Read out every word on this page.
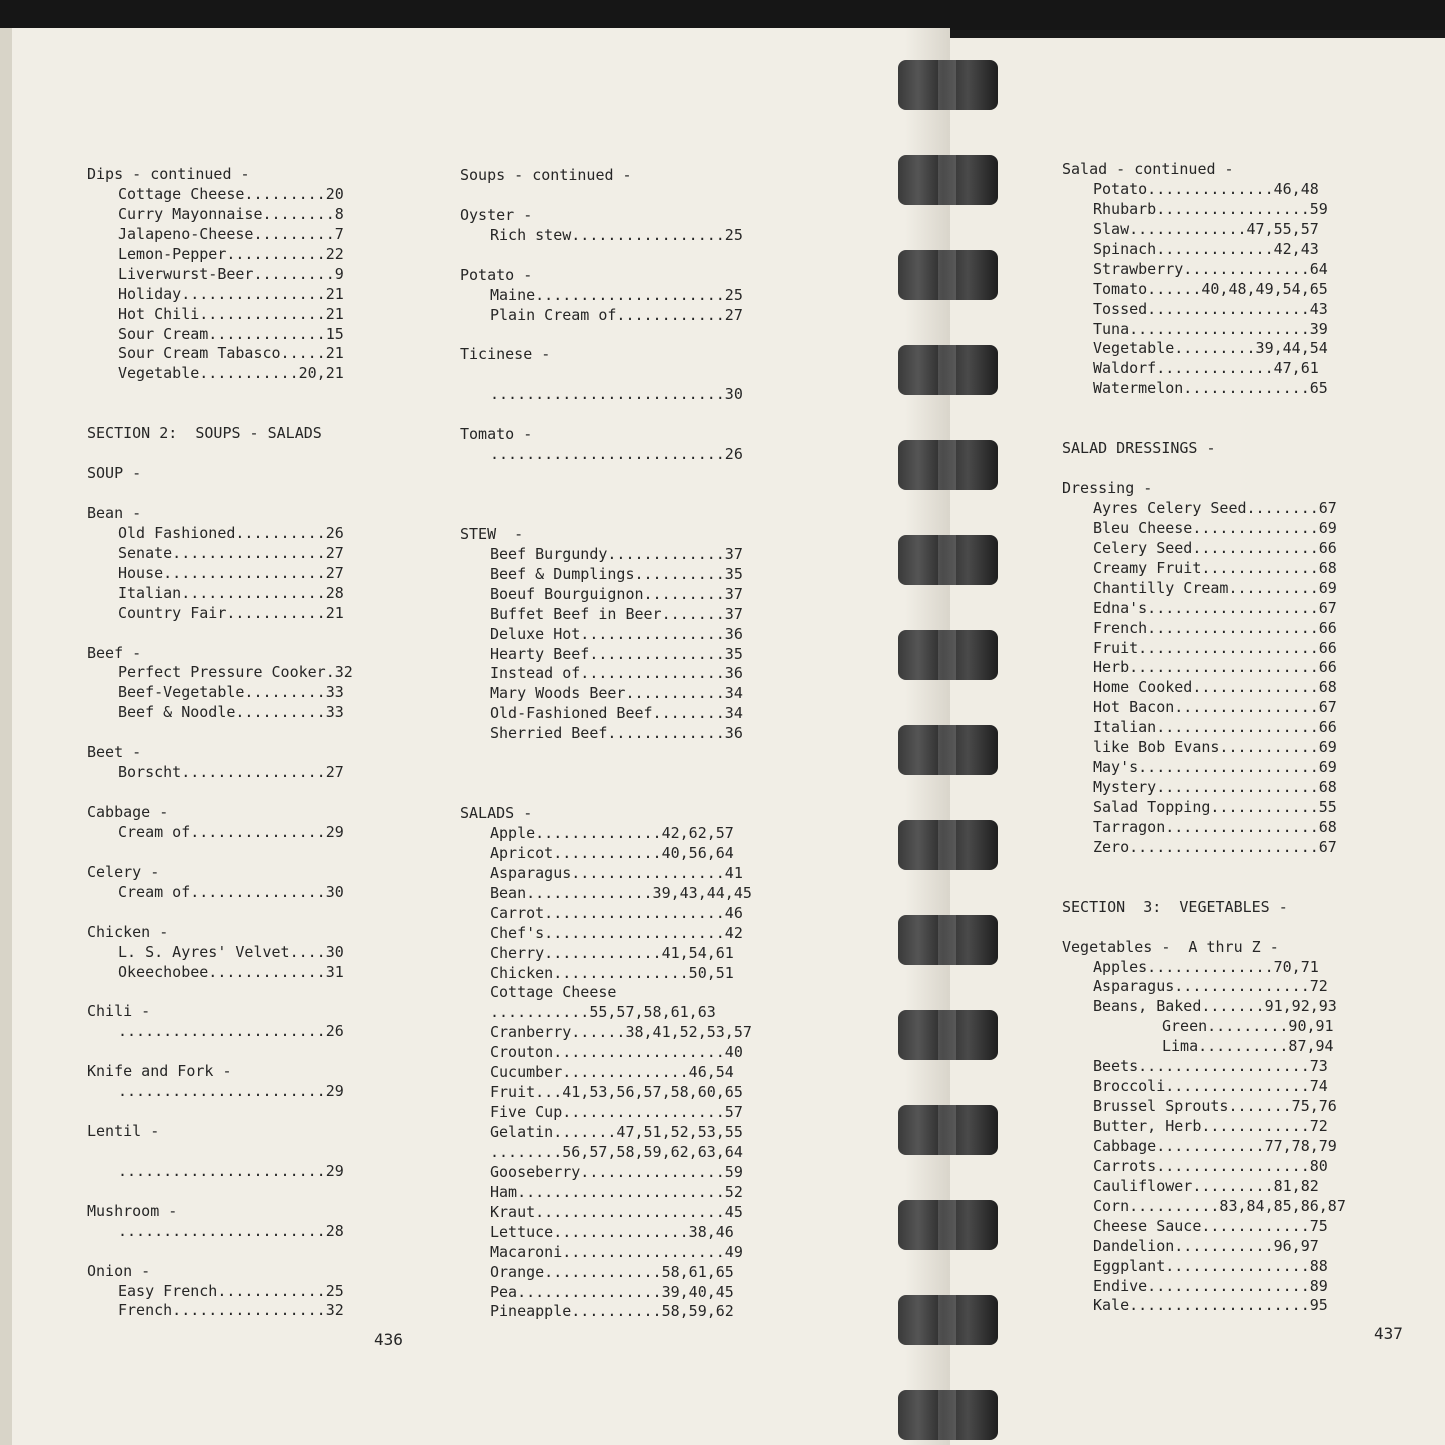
Dips - continued -
Cottage Cheese.........20
Curry Mayonnaise........8
Jalapeno-Cheese.........7
Lemon-Pepper...........22
Liverwurst-Beer.........9
Holiday................21
Hot Chili..............21
Sour Cream.............15
Sour Cream Tabasco.....21
Vegetable...........20,21
SECTION 2:  SOUPS - SALADS
SOUP -
Bean -
Old Fashioned..........26
Senate.................27
House..................27
Italian................28
Country Fair...........21
Beef -
Perfect Pressure Cooker.32
Beef-Vegetable.........33
Beef & Noodle..........33
Beet -
Borscht................27
Cabbage -
Cream of...............29
Celery -
Cream of...............30
Chicken -
L. S. Ayres' Velvet....30
Okeechobee.............31
Chili -
.......................26
Knife and Fork -
.......................29
Lentil -
.......................29
Mushroom -
.......................28
Onion -
Easy French............25
French.................32
Soups - continued -
Oyster -
Rich stew.................25
Potato -
Maine.....................25
Plain Cream of............27
Ticinese -
..........................30
Tomato -
..........................26
STEW  -
Beef Burgundy.............37
Beef & Dumplings..........35
Boeuf Bourguignon.........37
Buffet Beef in Beer.......37
Deluxe Hot................36
Hearty Beef...............35
Instead of................36
Mary Woods Beer...........34
Old-Fashioned Beef........34
Sherried Beef.............36
SALADS -
Apple..............42,62,57
Apricot............40,56,64
Asparagus.................41
Bean..............39,43,44,45
Carrot....................46
Chef's....................42
Cherry.............41,54,61
Chicken...............50,51
Cottage Cheese
...........55,57,58,61,63
Cranberry......38,41,52,53,57
Crouton...................40
Cucumber..............46,54
Fruit...41,53,56,57,58,60,65
Five Cup..................57
Gelatin.......47,51,52,53,55
........56,57,58,59,62,63,64
Gooseberry................59
Ham.......................52
Kraut.....................45
Lettuce...............38,46
Macaroni..................49
Orange.............58,61,65
Pea................39,40,45
Pineapple..........58,59,62
Salad - continued -
Potato..............46,48
Rhubarb.................59
Slaw.............47,55,57
Spinach.............42,43
Strawberry..............64
Tomato......40,48,49,54,65
Tossed..................43
Tuna....................39
Vegetable.........39,44,54
Waldorf.............47,61
Watermelon..............65
SALAD DRESSINGS -
Dressing -
Ayres Celery Seed........67
Bleu Cheese..............69
Celery Seed..............66
Creamy Fruit.............68
Chantilly Cream..........69
Edna's...................67
French...................66
Fruit....................66
Herb.....................66
Home Cooked..............68
Hot Bacon................67
Italian..................66
like Bob Evans...........69
May's....................69
Mystery..................68
Salad Topping............55
Tarragon.................68
Zero.....................67
SECTION  3:  VEGETABLES -
Vegetables -  A thru Z -
Apples..............70,71
Asparagus...............72
Beans, Baked.......91,92,93
Green.........90,91
Lima..........87,94
Beets...................73
Broccoli................74
Brussel Sprouts.......75,76
Butter, Herb............72
Cabbage............77,78,79
Carrots.................80
Cauliflower.........81,82
Corn..........83,84,85,86,87
Cheese Sauce............75
Dandelion...........96,97
Eggplant................88
Endive..................89
Kale....................95
436	437
